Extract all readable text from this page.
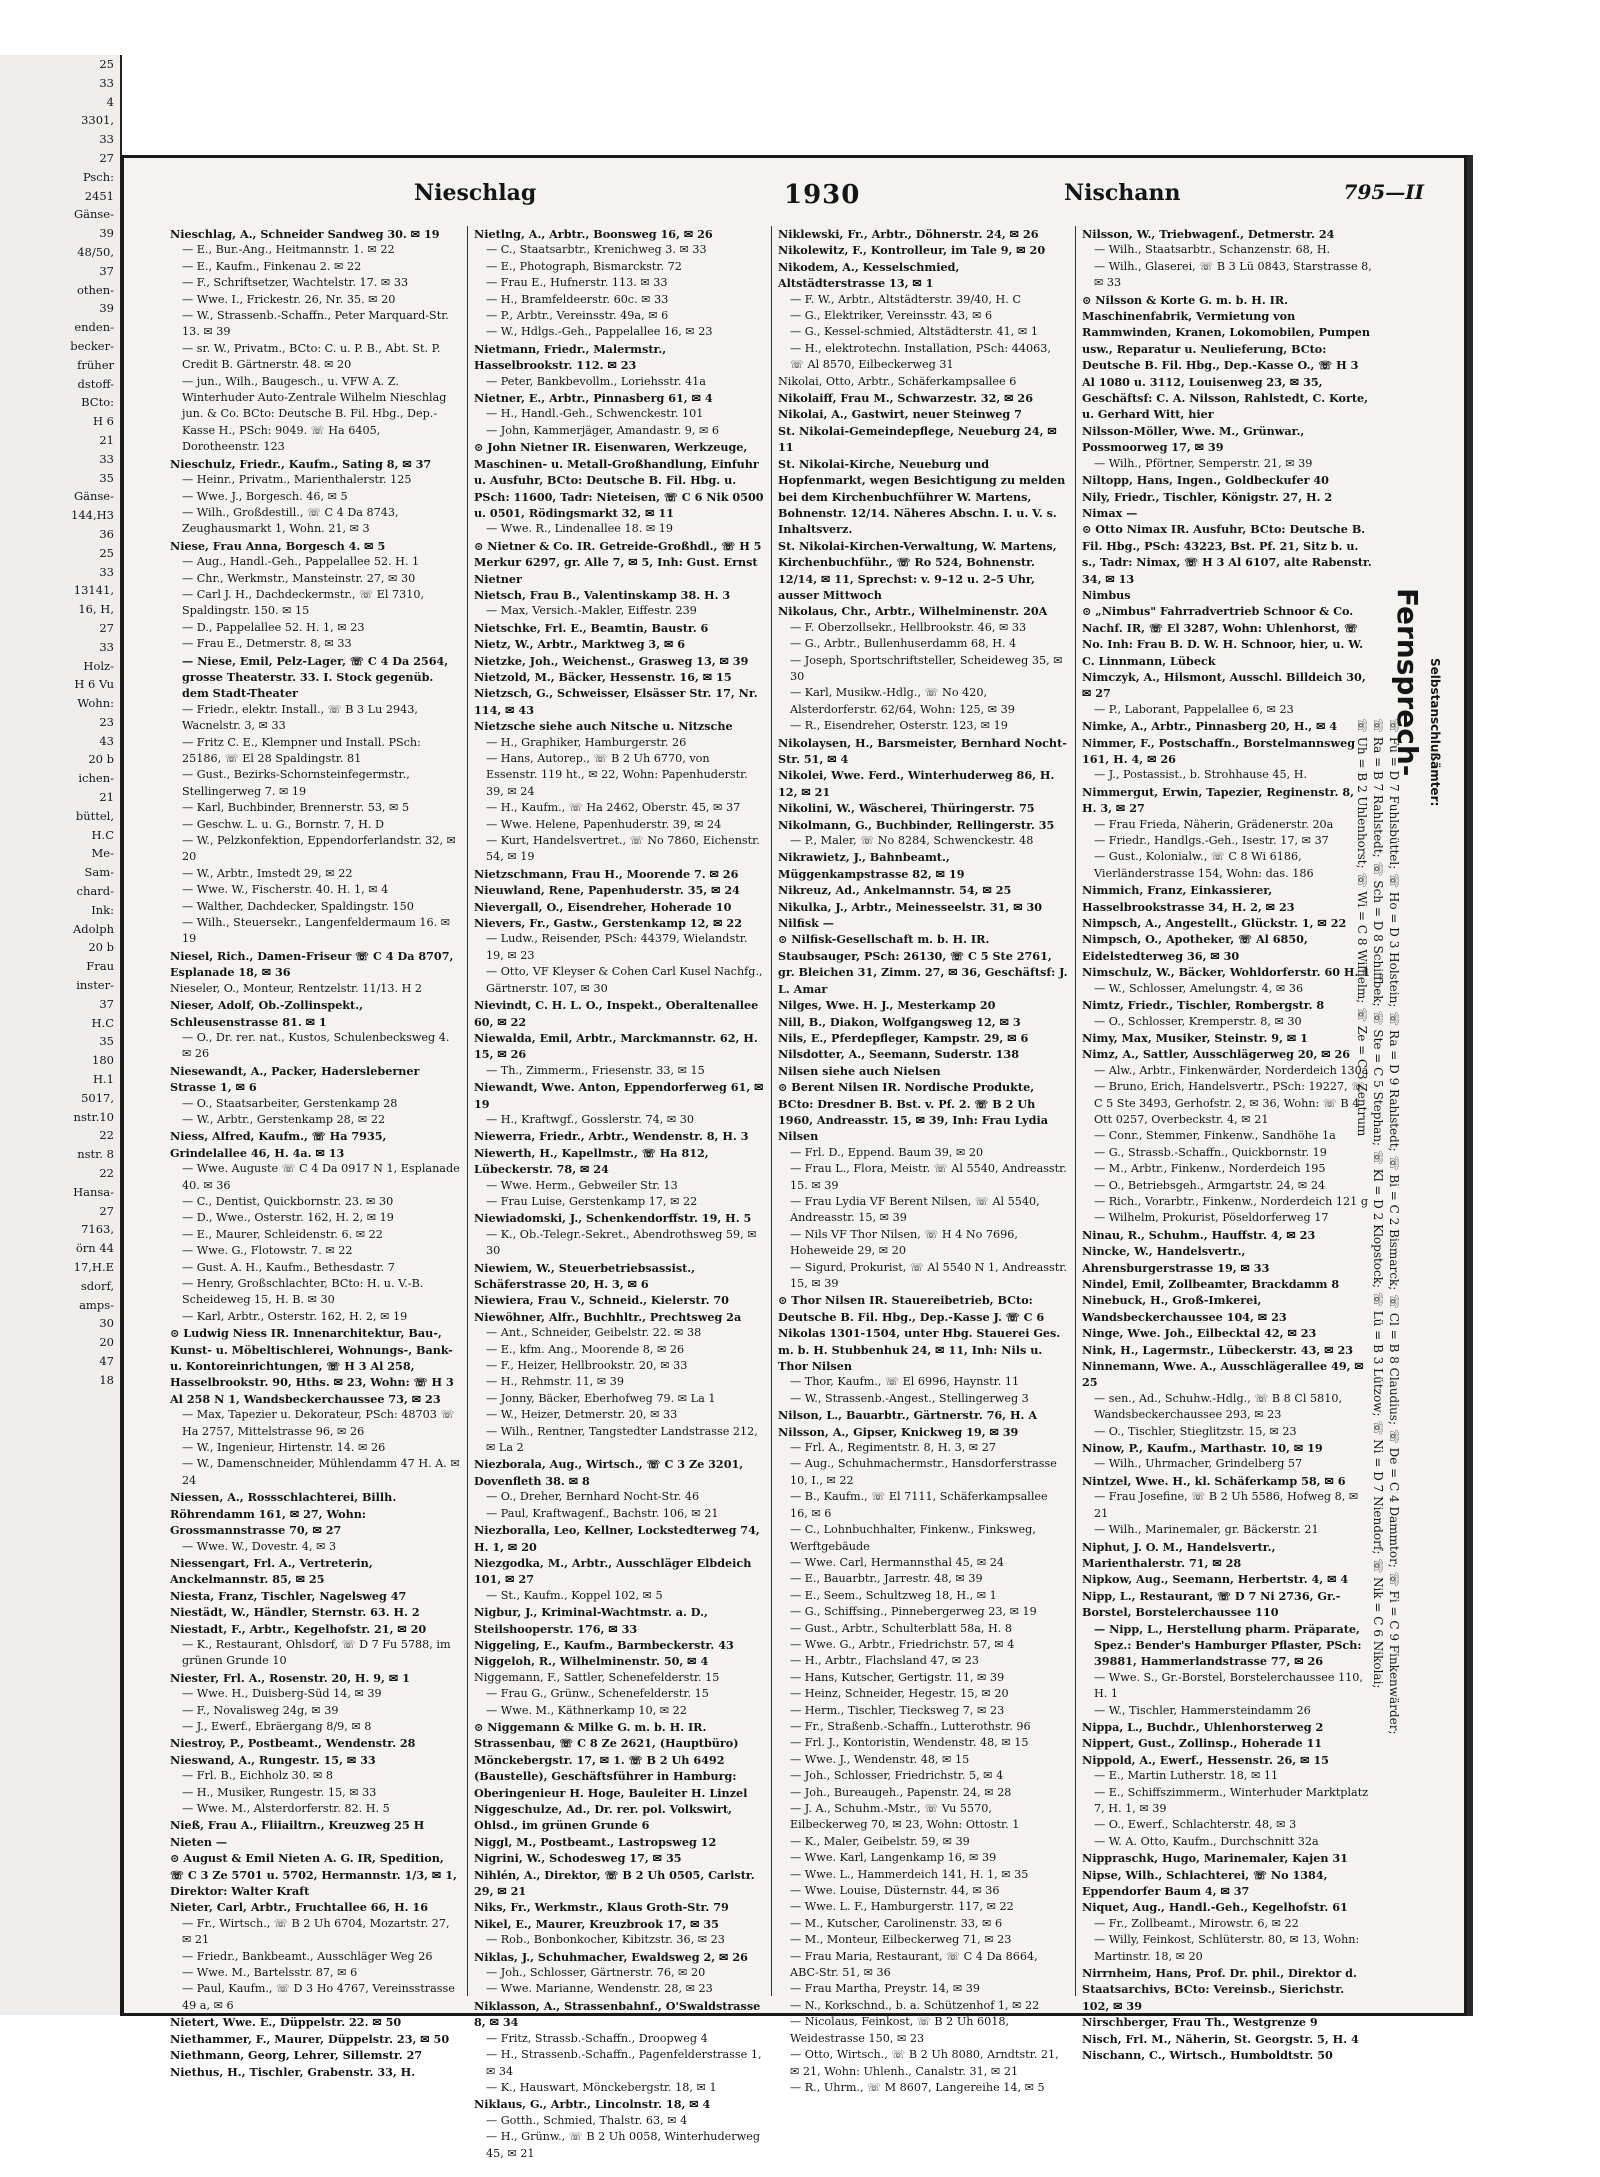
25
33
4
3301,
33
27
Psch:
2451
Gänse-
39
48/50,
37
othen-
39
enden-
becker-
früher
dstoff-
BCto:
H 6
21
33
35
Gänse-
144,H3
36
25
33
13141,
16, H,
27
33
Holz-
H 6 Vu
Wohn:
23
43
20 b
ichen-
21
büttel,
H.C
Me-
Sam-
chard-
Ink:
Adolph
20 b
Frau
inster-
37
H.C
35
180
H.1
5017,
nstr.10
22
nstr. 8
22
Hansa-
27
7163,
örn 44
17,H.E
sdorf,
amps-
30
20
47
18
Nieschlag	1930	Nischann	795—II

Nieschlag, A., Schneider Sandweg 30. ✉ 19

— E., Bur.-Ang., Heitmannstr. 1. ✉ 22

— E., Kaufm., Finkenau 2. ✉ 22

— F., Schriftsetzer, Wachtelstr. 17. ✉ 33

— Wwe. I., Frickestr. 26, Nr. 35. ✉ 20

— W., Strassenb.-Schaffn., Peter Marquard-Str. 13. ✉ 39

— sr. W., Privatm., BCto: C. u. P. B., Abt. St. P. Credit B. Gärtnerstr. 48. ✉ 20

— jun., Wilh., Baugesch., u. VFW A. Z. Winterhuder Auto-Zentrale Wilhelm Nieschlag jun. & Co. BCto: Deutsche B. Fil. Hbg., Dep.-Kasse H., PSch: 9049. ☏ Ha 6405, Dorotheenstr. 123

Nieschulz, Friedr., Kaufm., Sating 8, ✉ 37

— Heinr., Privatm., Marienthalerstr. 125

— Wwe. J., Borgesch. 46, ✉ 5

— Wilh., Großdestill., ☏ C 4 Da 8743, Zeughausmarkt 1, Wohn. 21, ✉ 3

Niese, Frau Anna, Borgesch 4. ✉ 5

— Aug., Handl.-Geh., Pappelallee 52. H. 1

— Chr., Werkmstr., Mansteinstr. 27, ✉ 30

— Carl J. H., Dachdeckermstr., ☏ El 7310, Spaldingstr. 150. ✉ 15

— D., Pappelallee 52. H. 1, ✉ 23

— Frau E., Detmerstr. 8, ✉ 33

— Niese, Emil, Pelz-Lager, ☏ C 4 Da 2564, grosse Theaterstr. 33. I. Stock gegenüb. dem Stadt-Theater

— Friedr., elektr. Install., ☏ B 3 Lu 2943, Wacnelstr. 3, ✉ 33

— Fritz C. E., Klempner und Install. PSch: 25186, ☏ El 28 Spaldingstr. 81

— Gust., Bezirks-Schornsteinfegermstr., Stellingerweg 7. ✉ 19

— Karl, Buchbinder, Brennerstr. 53, ✉ 5

— Geschw. L. u. G., Bornstr. 7, H. D

— W., Pelzkonfektion, Eppendorferlandstr. 32, ✉ 20

— W., Arbtr., Imstedt 29, ✉ 22

— Wwe. W., Fischerstr. 40. H. 1, ✉ 4

— Walther, Dachdecker, Spaldingstr. 150

— Wilh., Steuersekr., Langenfeldermaum 16. ✉ 19

Niesel, Rich., Damen-Friseur ☏ C 4 Da 8707, Esplanade 18, ✉ 36

Nieseler, O., Monteur, Rentzelstr. 11/13. H 2

Nieser, Adolf, Ob.-Zollinspekt., Schleusenstrasse 81. ✉ 1

— O., Dr. rer. nat., Kustos, Schulenbecksweg 4. ✉ 26

Niesewandt, A., Packer, Hadersleberner Strasse 1, ✉ 6

— O., Staatsarbeiter, Gerstenkamp 28

— W., Arbtr., Gerstenkamp 28, ✉ 22

Niess, Alfred, Kaufm., ☏ Ha 7935, Grindelallee 46, H. 4a. ✉ 13

— Wwe. Auguste ☏ C 4 Da 0917 N 1, Esplanade 40. ✉ 36

— C., Dentist, Quickbornstr. 23. ✉ 30

— D., Wwe., Osterstr. 162, H. 2, ✉ 19

— E., Maurer, Schleidenstr. 6. ✉ 22

— Wwe. G., Flotowstr. 7. ✉ 22

— Gust. A. H., Kaufm., Bethesdastr. 7

— Henry, Großschlachter, BCto: H. u. V.-B. Scheideweg 15, H. B. ✉ 30

— Karl, Arbtr., Osterstr. 162, H. 2, ✉ 19

⊙ Ludwig Niess IR. Innenarchitektur, Bau-, Kunst- u. Möbeltischlerei, Wohnungs-, Bank- u. Kontoreinrichtungen, ☏ H 3 Al 258, Hasselbrookstr. 90, Hths. ✉ 23, Wohn: ☏ H 3 Al 258 N 1, Wandsbeckerchaussee 73, ✉ 23

— Max, Tapezier u. Dekorateur, PSch: 48703 ☏ Ha 2757, Mittelstrasse 96, ✉ 26

— W., Ingenieur, Hirtenstr. 14. ✉ 26

— W., Damenschneider, Mühlendamm 47 H. A. ✉ 24

Niessen, A., Rossschlachterei, Billh. Röhrendamm 161, ✉ 27, Wohn: Grossmannstrasse 70, ✉ 27

— Wwe. W., Dovestr. 4, ✉ 3

Niessengart, Frl. A., Vertreterin, Anckelmannstr. 85, ✉ 25

Niesta, Franz, Tischler, Nagelsweg 47

Niestädt, W., Händler, Sternstr. 63. H. 2

Niestadt, F., Arbtr., Kegelhofstr. 21, ✉ 20

— K., Restaurant, Ohlsdorf, ☏ D 7 Fu 5788, im grünen Grunde 10

Niester, Frl. A., Rosenstr. 20, H. 9, ✉ 1

— Wwe. H., Duisberg-Süd 14, ✉ 39

— F., Novalisweg 24g, ✉ 39

— J., Ewerf., Ebräergang 8/9, ✉ 8

Niestroy, P., Postbeamt., Wendenstr. 28

Nieswand, A., Rungestr. 15, ✉ 33

— Frl. B., Eichholz 30. ✉ 8

— H., Musiker, Rungestr. 15, ✉ 33

— Wwe. M., Alsterdorferstr. 82. H. 5

Nieß, Frau A., Fliiailtrn., Kreuzweg 25 H

Nieten —

⊙ August & Emil Nieten A. G. IR, Spedition, ☏ C 3 Ze 5701 u. 5702, Hermannstr. 1/3, ✉ 1, Direktor: Walter Kraft

Nieter, Carl, Arbtr., Fruchtallee 66, H. 16

— Fr., Wirtsch., ☏ B 2 Uh 6704, Mozartstr. 27, ✉ 21

— Friedr., Bankbeamt., Ausschläger Weg 26

— Wwe. M., Bartelsstr. 87, ✉ 6

— Paul, Kaufm., ☏ D 3 Ho 4767, Vereinsstrasse 49 a, ✉ 6

Nietert, Wwe. E., Düppelstr. 22. ✉ 50

Niethammer, F., Maurer, Düppelstr. 23, ✉ 50

Niethmann, Georg, Lehrer, Sillemstr. 27

Niethus, H., Tischler, Grabenstr. 33, H.

Nietlng, A., Arbtr., Boonsweg 16, ✉ 26

— C., Staatsarbtr., Krenichweg 3. ✉ 33

— E., Photograph, Bismarckstr. 72

— Frau E., Hufnerstr. 113. ✉ 33

— H., Bramfeldeerstr. 60c. ✉ 33

— P., Arbtr., Vereinsstr. 49a, ✉ 6

— W., Hdlgs.-Geh., Pappelallee 16, ✉ 23

Nietmann, Friedr., Malermstr., Hasselbrookstr. 112. ✉ 23

— Peter, Bankbevollm., Loriehsstr. 41a

Nietner, E., Arbtr., Pinnasberg 61, ✉ 4

— H., Handl.-Geh., Schwenckestr. 101

— John, Kammerjäger, Amandastr. 9, ✉ 6

⊙ John Nietner IR. Eisenwaren, Werkzeuge, Maschinen- u. Metall-Großhandlung, Einfuhr u. Ausfuhr, BCto: Deutsche B. Fil. Hbg. u. PSch: 11600, Tadr: Nieteisen, ☏ C 6 Nik 0500 u. 0501, Rödingsmarkt 32, ✉ 11

— Wwe. R., Lindenallee 18. ✉ 19

⊙ Nietner & Co. IR. Getreide-Großhdl., ☏ H 5 Merkur 6297, gr. Alle 7, ✉ 5, Inh: Gust. Ernst Nietner

Nietsch, Frau B., Valentinskamp 38. H. 3

— Max, Versich.-Makler, Eiffestr. 239

Nietschke, Frl. E., Beamtin, Baustr. 6

Nietz, W., Arbtr., Marktweg 3, ✉ 6

Nietzke, Joh., Weichenst., Grasweg 13, ✉ 39

Nietzold, M., Bäcker, Hessenstr. 16, ✉ 15

Nietzsch, G., Schweisser, Elsässer Str. 17, Nr. 114, ✉ 43

Nietzsche siehe auch Nitsche u. Nitzsche

— H., Graphiker, Hamburgerstr. 26

— Hans, Autorep., ☏ B 2 Uh 6770, von Essenstr. 119 ht., ✉ 22, Wohn: Papenhuderstr. 39, ✉ 24

— H., Kaufm., ☏ Ha 2462, Oberstr. 45, ✉ 37

— Wwe. Helene, Papenhuderstr. 39, ✉ 24

— Kurt, Handelsvertret., ☏ No 7860, Eichenstr. 54, ✉ 19

Nietzschmann, Frau H., Moorende 7. ✉ 26

Nieuwland, Rene, Papenhuderstr. 35, ✉ 24

Nievergall, O., Eisendreher, Hoherade 10

Nievers, Fr., Gastw., Gerstenkamp 12, ✉ 22

— Ludw., Reisender, PSch: 44379, Wielandstr. 19, ✉ 23

— Otto, VF Kleyser & Cohen Carl Kusel Nachfg., Gärtnerstr. 107, ✉ 30

Nievindt, C. H. L. O., Inspekt., Oberaltenallee 60, ✉ 22

Niewalda, Emil, Arbtr., Marckmannstr. 62, H. 15, ✉ 26

— Th., Zimmerm., Friesenstr. 33, ✉ 15

Niewandt, Wwe. Anton, Eppendorferweg 61, ✉ 19

— H., Kraftwgf., Gosslerstr. 74, ✉ 30

Niewerra, Friedr., Arbtr., Wendenstr. 8, H. 3

Niewerth, H., Kapellmstr., ☏ Ha 812, Lübeckerstr. 78, ✉ 24

— Wwe. Herm., Gebweiler Str. 13

— Frau Luise, Gerstenkamp 17, ✉ 22

Niewiadomski, J., Schenkendorffstr. 19, H. 5

— K., Ob.-Telegr.-Sekret., Abendrothsweg 59, ✉ 30

Niewiem, W., Steuerbetriebsassist., Schäferstrasse 20, H. 3, ✉ 6

Niewiera, Frau V., Schneid., Kielerstr. 70

Niewöhner, Alfr., Buchhltr., Prechtsweg 2a

— Ant., Schneider, Geibelstr. 22. ✉ 38

— E., kfm. Ang., Moorende 8, ✉ 26

— F., Heizer, Hellbrookstr. 20, ✉ 33

— H., Rehmstr. 11, ✉ 39

— Jonny, Bäcker, Eberhofweg 79. ✉ La 1

— W., Heizer, Detmerstr. 20, ✉ 33

— Wilh., Rentner, Tangstedter Landstrasse 212, ✉ La 2

Niezborala, Aug., Wirtsch., ☏ C 3 Ze 3201, Dovenfleth 38. ✉ 8

— O., Dreher, Bernhard Nocht-Str. 46

— Paul, Kraftwagenf., Bachstr. 106, ✉ 21

Niezboralla, Leo, Kellner, Lockstedterweg 74, H. 1, ✉ 20

Niezgodka, M., Arbtr., Ausschläger Elbdeich 101, ✉ 27

— St., Kaufm., Koppel 102, ✉ 5

Nigbur, J., Kriminal-Wachtmstr. a. D., Steilshooperstr. 176, ✉ 33

Niggeling, E., Kaufm., Barmbeckerstr. 43

Niggeloh, R., Wilhelminenstr. 50, ✉ 4

Niggemann, F., Sattler, Schenefelderstr. 15

— Frau G., Grünw., Schenefelderstr. 15

— Wwe. M., Käthnerkamp 10, ✉ 22

⊙ Niggemann & Milke G. m. b. H. IR. Strassenbau, ☏ C 8 Ze 2621, (Hauptbüro) Mönckebergstr. 17, ✉ 1. ☏ B 2 Uh 6492 (Baustelle), Geschäftsführer in Hamburg: Oberingenieur H. Hoge, Bauleiter H. Linzel

Niggeschulze, Ad., Dr. rer. pol. Volkswirt, Ohlsd., im grünen Grunde 6

Niggl, M., Postbeamt., Lastropsweg 12

Nigrini, W., Schodesweg 17, ✉ 35

Nihlén, A., Direktor, ☏ B 2 Uh 0505, Carlstr. 29, ✉ 21

Niks, Fr., Werkmstr., Klaus Groth-Str. 79

Nikel, E., Maurer, Kreuzbrook 17, ✉ 35

— Rob., Bonbonkocher, Kibitzstr. 36, ✉ 23

Niklas, J., Schuhmacher, Ewaldsweg 2, ✉ 26

— Joh., Schlosser, Gärtnerstr. 76, ✉ 20

— Wwe. Marianne, Wendenstr. 28, ✉ 23

Niklasson, A., Strassenbahnf., O'Swaldstrasse 8, ✉ 34

— Fritz, Strassb.-Schaffn., Droopweg 4

— H., Strassenb.-Schaffn., Pagenfelderstrasse 1, ✉ 34

— K., Hauswart, Mönckebergstr. 18, ✉ 1

Niklaus, G., Arbtr., Lincolnstr. 18, ✉ 4

— Gotth., Schmied, Thalstr. 63, ✉ 4

— H., Grünw., ☏ B 2 Uh 0058, Winterhuderweg 45, ✉ 21

Niklewski, Fr., Arbtr., Döhnerstr. 24, ✉ 26

Nikolewitz, F., Kontrolleur, im Tale 9, ✉ 20

Nikodem, A., Kesselschmied, Altstädterstrasse 13, ✉ 1

— F. W., Arbtr., Altstädterstr. 39/40, H. C

— G., Elektriker, Vereinsstr. 43, ✉ 6

— G., Kessel-schmied, Altstädterstr. 41, ✉ 1

— H., elektrotechn. Installation, PSch: 44063, ☏ Al 8570, Eilbeckerweg 31

Nikolai, Otto, Arbtr., Schäferkampsallee 6

Nikolaiff, Frau M., Schwarzestr. 32, ✉ 26

Nikolai, A., Gastwirt, neuer Steinweg 7

St. Nikolai-Gemeindepflege, Neueburg 24, ✉ 11

St. Nikolai-Kirche, Neueburg und Hopfenmarkt, wegen Besichtigung zu melden bei dem Kirchenbuchführer W. Martens, Bohnenstr. 12/14. Näheres Abschn. I. u. V. s. Inhaltsverz.

St. Nikolai-Kirchen-Verwaltung, W. Martens, Kirchenbuchführ., ☏ Ro 524, Bohnenstr. 12/14, ✉ 11, Sprechst: v. 9–12 u. 2–5 Uhr, ausser Mittwoch

Nikolaus, Chr., Arbtr., Wilhelminenstr. 20A

— F. Oberzollsekr., Hellbrookstr. 46, ✉ 33

— G., Arbtr., Bullenhuserdamm 68, H. 4

— Joseph, Sportschriftsteller, Scheideweg 35, ✉ 30

— Karl, Musikw.-Hdlg., ☏ No 420, Alsterdorferstr. 62/64, Wohn: 125, ✉ 39

— R., Eisendreher, Osterstr. 123, ✉ 19

Nikolaysen, H., Barsmeister, Bernhard Nocht-Str. 51, ✉ 4

Nikolei, Wwe. Ferd., Winterhuderweg 86, H. 12, ✉ 21

Nikolini, W., Wäscherei, Thüringerstr. 75

Nikolmann, G., Buchbinder, Rellingerstr. 35

— P., Maler, ☏ No 8284, Schwenckestr. 48

Nikrawietz, J., Bahnbeamt., Müggenkampstrasse 82, ✉ 19

Nikreuz, Ad., Ankelmannstr. 54, ✉ 25

Nikulka, J., Arbtr., Meinesseelstr. 31, ✉ 30

Nilfisk —

⊙ Nilfisk-Gesellschaft m. b. H. IR. Staubsauger, PSch: 26130, ☏ C 5 Ste 2761, gr. Bleichen 31, Zimm. 27, ✉ 36, Geschäftsf: J. L. Amar

Nilges, Wwe. H. J., Mesterkamp 20

Nill, B., Diakon, Wolfgangsweg 12, ✉ 3

Nils, E., Pferdepfleger, Kampstr. 29, ✉ 6

Nilsdotter, A., Seemann, Suderstr. 138

Nilsen siehe auch Nielsen

⊙ Berent Nilsen IR. Nordische Produkte, BCto: Dresdner B. Bst. v. Pf. 2. ☏ B 2 Uh 1960, Andreasstr. 15, ✉ 39, Inh: Frau Lydia Nilsen

— Frl. D., Eppend. Baum 39, ✉ 20

— Frau L., Flora, Meistr. ☏ Al 5540, Andreasstr. 15. ✉ 39

— Frau Lydia VF Berent Nilsen, ☏ Al 5540, Andreasstr. 15, ✉ 39

— Nils VF Thor Nilsen, ☏ H 4 No 7696, Hoheweide 29, ✉ 20

— Sigurd, Prokurist, ☏ Al 5540 N 1, Andreasstr. 15, ✉ 39

⊙ Thor Nilsen IR. Stauereibetrieb, BCto: Deutsche B. Fil. Hbg., Dep.-Kasse J. ☏ C 6 Nikolas 1301-1504, unter Hbg. Stauerei Ges. m. b. H. Stubbenhuk 24, ✉ 11, Inh: Nils u. Thor Nilsen

— Thor, Kaufm., ☏ El 6996, Haynstr. 11

— W., Strassenb.-Angest., Stellingerweg 3

Nilson, L., Bauarbtr., Gärtnerstr. 76, H. A

Nilsson, A., Gipser, Knickweg 19, ✉ 39

— Frl. A., Regimentstr. 8, H. 3, ✉ 27

— Aug., Schuhmachermstr., Hansdorferstrasse 10, I., ✉ 22

— B., Kaufm., ☏ El 7111, Schäferkampsallee 16, ✉ 6

— C., Lohnbuchhalter, Finkenw., Finksweg, Werftgebäude

— Wwe. Carl, Hermannsthal 45, ✉ 24

— E., Bauarbtr., Jarrestr. 48, ✉ 39

— E., Seem., Schultzweg 18, H., ✉ 1

— G., Schiffsing., Pinnebergerweg 23, ✉ 19

— Gust., Arbtr., Schulterblatt 58a, H. 8

— Wwe. G., Arbtr., Friedrichstr. 57, ✉ 4

— H., Arbtr., Flachsland 47, ✉ 23

— Hans, Kutscher, Gertigstr. 11, ✉ 39

— Heinz, Schneider, Hegestr. 15, ✉ 20

— Herm., Tischler, Tiecksweg 7, ✉ 23

— Fr., Straßenb.-Schaffn., Lutterothstr. 96

— Frl. J., Kontoristin, Wendenstr. 48, ✉ 15

— Wwe. J., Wendenstr. 48, ✉ 15

— Joh., Schlosser, Friedrichstr. 5, ✉ 4

— Joh., Bureaugeh., Papenstr. 24, ✉ 28

— J. A., Schuhm.-Mstr., ☏ Vu 5570, Eilbeckerweg 70, ✉ 23, Wohn: Ottostr. 1

— K., Maler, Geibelstr. 59, ✉ 39

— Wwe. Karl, Langenkamp 16, ✉ 39

— Wwe. L., Hammerdeich 141, H. 1, ✉ 35

— Wwe. Louise, Düsternstr. 44, ✉ 36

— Wwe. L. F., Hamburgerstr. 117, ✉ 22

— M., Kutscher, Carolinenstr. 33, ✉ 6

— M., Monteur, Eilbeckerweg 71, ✉ 23

— Frau Maria, Restaurant, ☏ C 4 Da 8664, ABC-Str. 51, ✉ 36

— Frau Martha, Preystr. 14, ✉ 39

— N., Korkschnd., b. a. Schützenhof 1, ✉ 22

— Nicolaus, Feinkost, ☏ B 2 Uh 6018, Weidestrasse 150, ✉ 23

— Otto, Wirtsch., ☏ B 2 Uh 8080, Arndtstr. 21, ✉ 21, Wohn: Uhlenh., Canalstr. 31, ✉ 21

— R., Uhrm., ☏ M 8607, Langereihe 14, ✉ 5

Nilsson, W., Triebwagenf., Detmerstr. 24

— Wilh., Staatsarbtr., Schanzenstr. 68, H.

— Wilh., Glaserei, ☏ B 3 Lü 0843, Starstrasse 8, ✉ 33

⊙ Nilsson & Korte G. m. b. H. IR. Maschinenfabrik, Vermietung von Rammwinden, Kranen, Lokomobilen, Pumpen usw., Reparatur u. Neulieferung, BCto: Deutsche B. Fil. Hbg., Dep.-Kasse O., ☏ H 3 Al 1080 u. 3112, Louisenweg 23, ✉ 35, Geschäftsf: C. A. Nilsson, Rahlstedt, C. Korte, u. Gerhard Witt, hier

Nilsson-Möller, Wwe. M., Grünwar., Possmoorweg 17, ✉ 39

— Wilh., Pförtner, Semperstr. 21, ✉ 39

Niltopp, Hans, Ingen., Goldbeckufer 40

Nily, Friedr., Tischler, Königstr. 27, H. 2

Nimax —

⊙ Otto Nimax IR. Ausfuhr, BCto: Deutsche B. Fil. Hbg., PSch: 43223, Bst. Pf. 21, Sitz b. u. s., Tadr: Nimax, ☏ H 3 Al 6107, alte Rabenstr. 34, ✉ 13

Nimbus

⊙ „Nimbus" Fahrradvertrieb Schnoor & Co. Nachf. IR, ☏ El 3287, Wohn: Uhlenhorst, ☏ No. Inh: Frau B. D. W. H. Schnoor, hier, u. W. C. Linnmann, Lübeck

Nimczyk, A., Hilsmont, Ausschl. Billdeich 30, ✉ 27

— P., Laborant, Pappelallee 6, ✉ 23

Nimke, A., Arbtr., Pinnasberg 20, H., ✉ 4

Nimmer, F., Postschaffn., Borstelmannsweg 161, H. 4, ✉ 26

— J., Postassist., b. Strohhause 45, H.

Nimmergut, Erwin, Tapezier, Reginenstr. 8, H. 3, ✉ 27

— Frau Frieda, Näherin, Grädenerstr. 20a

— Friedr., Handlgs.-Geh., Isestr. 17, ✉ 37

— Gust., Kolonialw., ☏ C 8 Wi 6186, Vierländerstrasse 154, Wohn: das. 186

Nimmich, Franz, Einkassierer, Hasselbrookstrasse 34, H. 2, ✉ 23

Nimpsch, A., Angestellt., Glückstr. 1, ✉ 22

Nimpsch, O., Apotheker, ☏ Al 6850, Eidelstedterweg 36, ✉ 30

Nimschulz, W., Bäcker, Wohldorferstr. 60 H. 1

— W., Schlosser, Amelungstr. 4, ✉ 36

Nimtz, Friedr., Tischler, Rombergstr. 8

— O., Schlosser, Kremperstr. 8, ✉ 30

Nimy, Max, Musiker, Steinstr. 9, ✉ 1

Nimz, A., Sattler, Ausschlägerweg 20, ✉ 26

— Alw., Arbtr., Finkenwärder, Norderdeich 130a

— Bruno, Erich, Handelsvertr., PSch: 19227, ☏ C 5 Ste 3493, Gerhofstr. 2, ✉ 36, Wohn: ☏ B 4 Ott 0257, Overbeckstr. 4, ✉ 21

— Conr., Stemmer, Finkenw., Sandhöhe 1a

— G., Strassb.-Schaffn., Quickbornstr. 19

— M., Arbtr., Finkenw., Norderdeich 195

— O., Betriebsgeh., Armgartstr. 24, ✉ 24

— Rich., Vorarbtr., Finkenw., Norderdeich 121 g

— Wilhelm, Prokurist, Pöseldorferweg 17

Ninau, R., Schuhm., Hauffstr. 4, ✉ 23

Nincke, W., Handelsvertr., Ahrensburgerstrasse 19, ✉ 33

Nindel, Emil, Zollbeamter, Brackdamm 8

Ninebuck, H., Groß-Imkerei, Wandsbeckerchaussee 104, ✉ 23

Ninge, Wwe. Joh., Eilbecktal 42, ✉ 23

Nink, H., Lagermstr., Lübeckerstr. 43, ✉ 23

Ninnemann, Wwe. A., Ausschlägerallee 49, ✉ 25

— sen., Ad., Schuhw.-Hdlg., ☏ B 8 Cl 5810, Wandsbeckerchaussee 293, ✉ 23

— O., Tischler, Stieglitzstr. 15, ✉ 23

Ninow, P., Kaufm., Marthastr. 10, ✉ 19

— Wilh., Uhrmacher, Grindelberg 57

Nintzel, Wwe. H., kl. Schäferkamp 58, ✉ 6

— Frau Josefine, ☏ B 2 Uh 5586, Hofweg 8, ✉ 21

— Wilh., Marinemaler, gr. Bäckerstr. 21

Niphut, J. O. M., Handelsvertr., Marienthalerstr. 71, ✉ 28

Nipkow, Aug., Seemann, Herbertstr. 4, ✉ 4

Nipp, L., Restaurant, ☏ D 7 Ni 2736, Gr.-Borstel, Borstelerchaussee 110

— Nipp, L., Herstellung pharm. Präparate, Spez.: Bender's Hamburger Pflaster, PSch: 39881, Hammerlandstrasse 77, ✉ 26

— Wwe. S., Gr.-Borstel, Borstelerchaussee 110, H. 1

— W., Tischler, Hammersteindamm 26

Nippa, L., Buchdr., Uhlenhorsterweg 2

Nippert, Gust., Zollinsp., Hoherade 11

Nippold, A., Ewerf., Hessenstr. 26, ✉ 15

— E., Martin Lutherstr. 18, ✉ 11

— E., Schiffszimmerm., Winterhuder Marktplatz 7, H. 1, ✉ 39

— O., Ewerf., Schlachterstr. 48, ✉ 3

— W. A. Otto, Kaufm., Durchschnitt 32a

Nippraschk, Hugo, Marinemaler, Kajen 31

Nipse, Wilh., Schlachterei, ☏ No 1384, Eppendorfer Baum 4, ✉ 37

Niquet, Aug., Handl.-Geh., Kegelhofstr. 61

— Fr., Zollbeamt., Mirowstr. 6, ✉ 22

— Willy, Feinkost, Schlüterstr. 80, ✉ 13, Wohn: Martinstr. 18, ✉ 20

Nirrnheim, Hans, Prof. Dr. phil., Direktor d. Staatsarchivs, BCto: Vereinsb., Sierichstr. 102, ✉ 39

Nirschberger, Frau Th., Westgrenze 9

Nisch, Frl. M., Näherin, St. Georgstr. 5, H. 4

Nischann, C., Wirtsch., Humboldtstr. 50

Fernsprech- Selbstanschlußämter:
☏ Fu = D 7 Fuhlsbüttel; ☏ Ho = D 3 Holstein; ☏ Ra = D 9 Rahlstedt; ☏ Bi = C 2 Bismarck; ☏ Cl = B 8 Claudius; ☏ De = C 4 Dammtor; ☏ Fi = C 9 Finkenwärder;
☏ Ra = B 7 Rahlstedt; ☏ Sch = D 8 Schiffbek; ☏ Ste = C 5 Stephan; ☏ Kl = D 2 Klopstock; ☏ Lü = B 3 Lützow; ☏ Ni = D 7 Niendorf; ☏ Nik = C 6 Nikolai;
☏ Uh = B 2 Uhlenhorst; ☏ Wi = C 8 Wilhelm; ☏ Ze = C 3 Zentrum
